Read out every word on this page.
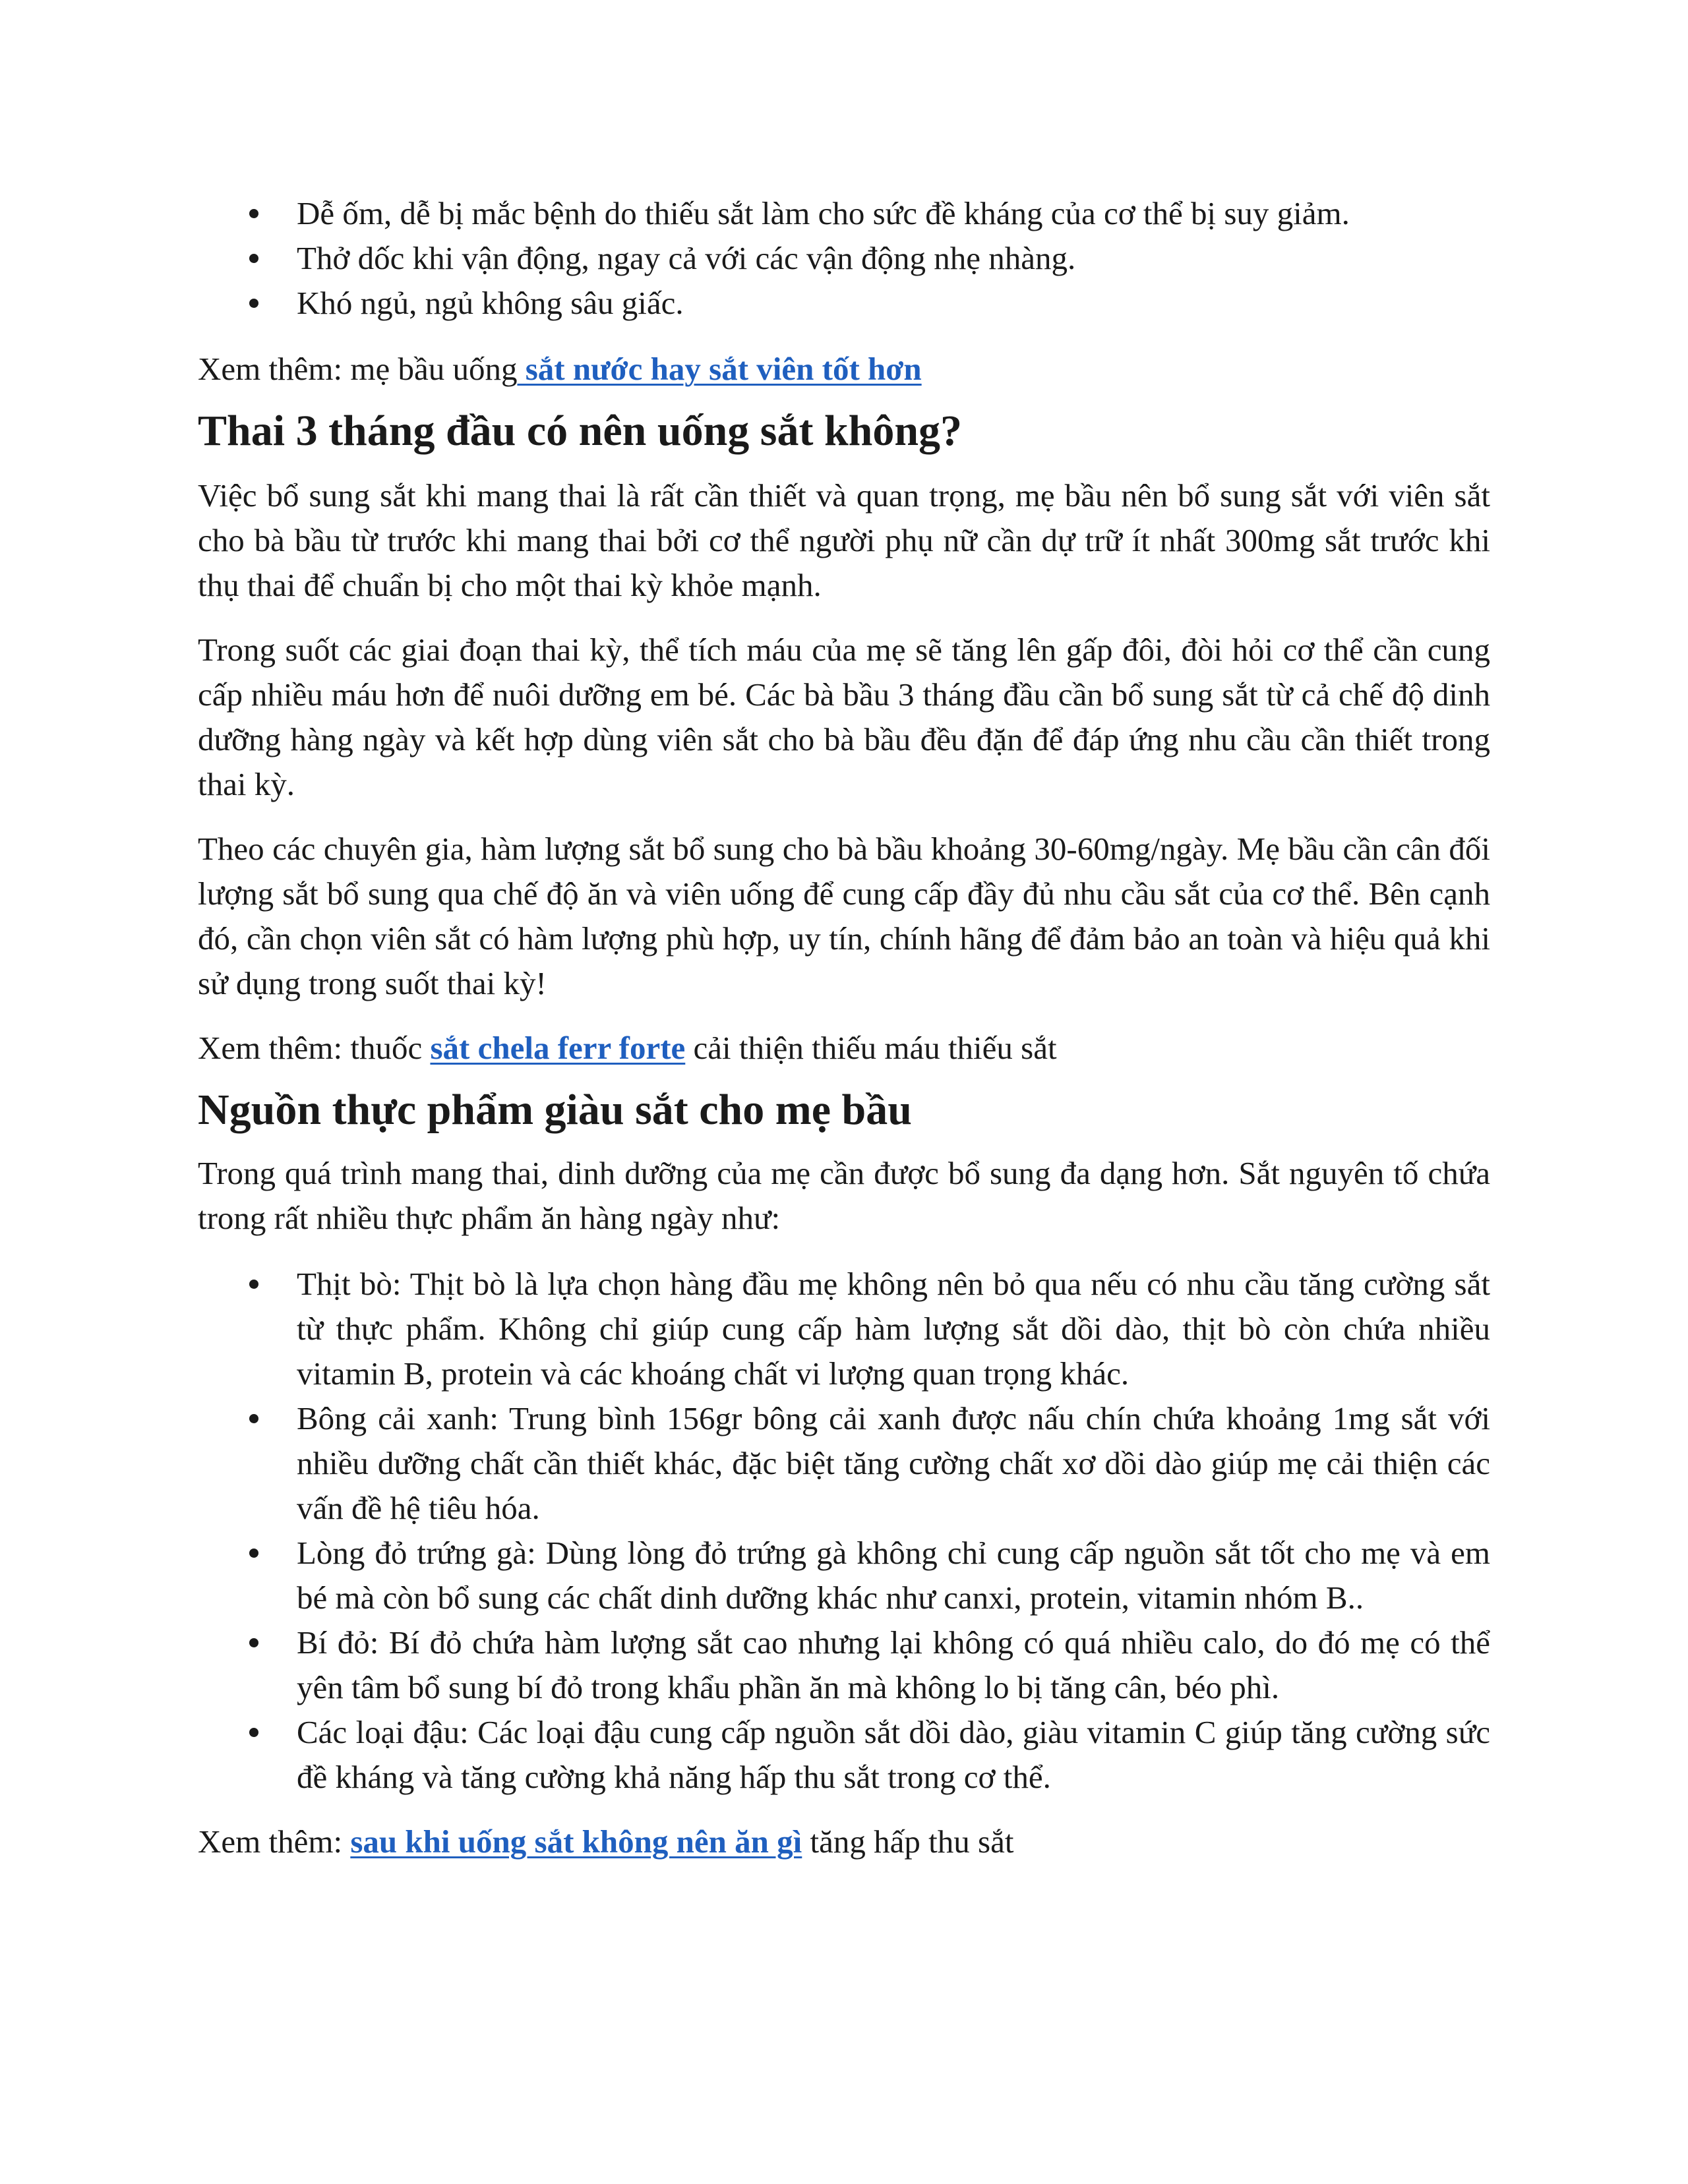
Dễ ốm, dễ bị mắc bệnh do thiếu sắt làm cho sức đề kháng của cơ thể bị suy giảm.
Thở dốc khi vận động, ngay cả với các vận động nhẹ nhàng.
Khó ngủ, ngủ không sâu giấc.

Xem thêm: mẹ bầu uống sắt nước hay sắt viên tốt hơn

Thai 3 tháng đầu có nên uống sắt không?

Việc bổ sung sắt khi mang thai là rất cần thiết và quan trọng, mẹ bầu nên bổ sung sắt với viên sắt cho bà bầu từ trước khi mang thai bởi cơ thể người phụ nữ cần dự trữ ít nhất 300mg sắt trước khi thụ thai để chuẩn bị cho một thai kỳ khỏe mạnh.

Trong suốt các giai đoạn thai kỳ, thể tích máu của mẹ sẽ tăng lên gấp đôi, đòi hỏi cơ thể cần cung cấp nhiều máu hơn để nuôi dưỡng em bé. Các bà bầu 3 tháng đầu cần bổ sung sắt từ cả chế độ dinh dưỡng hàng ngày và kết hợp dùng viên sắt cho bà bầu đều đặn để đáp ứng nhu cầu cần thiết trong thai kỳ.

Theo các chuyên gia, hàm lượng sắt bổ sung cho bà bầu khoảng 30-60mg/ngày. Mẹ bầu cần cân đối lượng sắt bổ sung qua chế độ ăn và viên uống để cung cấp đầy đủ nhu cầu sắt của cơ thể. Bên cạnh đó, cần chọn viên sắt có hàm lượng phù hợp, uy tín, chính hãng để đảm bảo an toàn và hiệu quả khi sử dụng trong suốt thai kỳ!

Xem thêm: thuốc sắt chela ferr forte cải thiện thiếu máu thiếu sắt

Nguồn thực phẩm giàu sắt cho mẹ bầu

Trong quá trình mang thai, dinh dưỡng của mẹ cần được bổ sung đa dạng hơn. Sắt nguyên tố chứa trong rất nhiều thực phẩm ăn hàng ngày như:

Thịt bò: Thịt bò là lựa chọn hàng đầu mẹ không nên bỏ qua nếu có nhu cầu tăng cường sắt từ thực phẩm. Không chỉ giúp cung cấp hàm lượng sắt dồi dào, thịt bò còn chứa nhiều vitamin B, protein và các khoáng chất vi lượng quan trọng khác.
Bông cải xanh: Trung bình 156gr bông cải xanh được nấu chín chứa khoảng 1mg sắt với nhiều dưỡng chất cần thiết khác, đặc biệt tăng cường chất xơ dồi dào giúp mẹ cải thiện các vấn đề hệ tiêu hóa.
Lòng đỏ trứng gà: Dùng lòng đỏ trứng gà không chỉ cung cấp nguồn sắt tốt cho mẹ và em bé mà còn bổ sung các chất dinh dưỡng khác như canxi, protein, vitamin nhóm B..
Bí đỏ: Bí đỏ chứa hàm lượng sắt cao nhưng lại không có quá nhiều calo, do đó mẹ có thể yên tâm bổ sung bí đỏ trong khẩu phần ăn mà không lo bị tăng cân, béo phì.
Các loại đậu: Các loại đậu cung cấp nguồn sắt dồi dào, giàu vitamin C giúp tăng cường sức đề kháng và tăng cường khả năng hấp thu sắt trong cơ thể.

Xem thêm: sau khi uống sắt không nên ăn gì tăng hấp thu sắt
